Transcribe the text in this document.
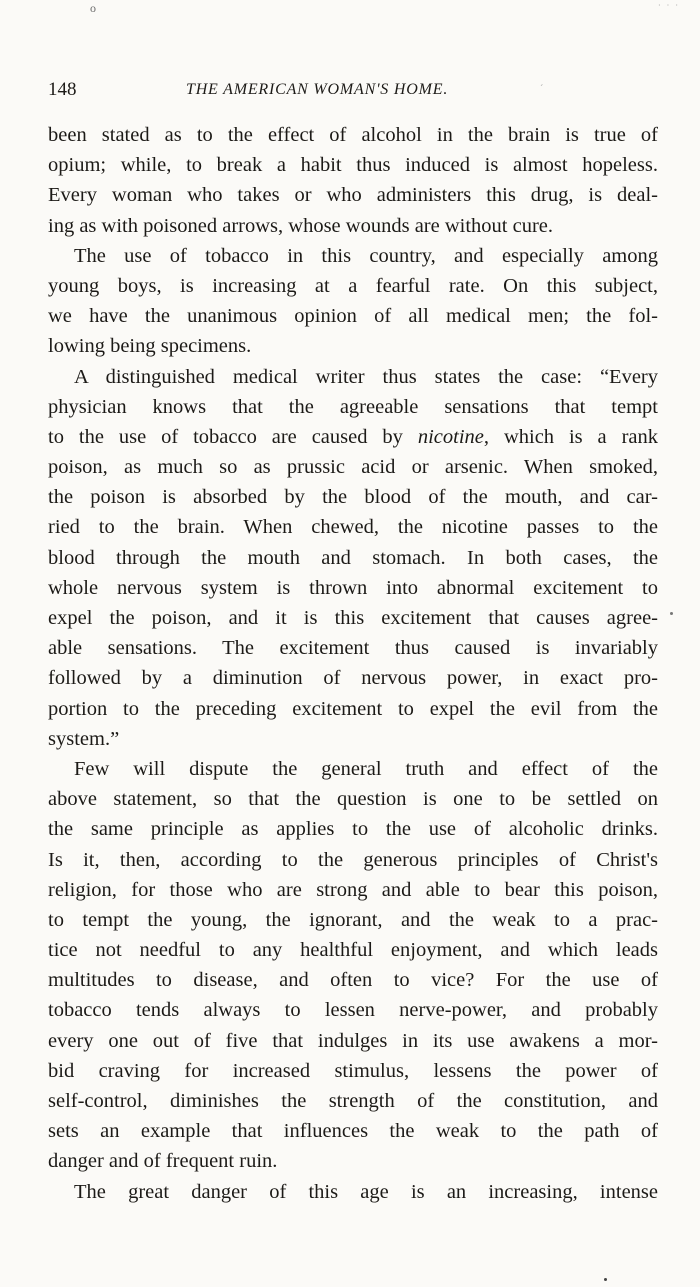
o	· · ·
148	THE AMERICAN WOMAN'S HOME.	´
been stated as to the effect of alcohol in the brain is true of
opium; while, to break a habit thus induced is almost hopeless.
Every woman who takes or who administers this drug, is deal-
ing as with poisoned arrows, whose wounds are without cure.
The use of tobacco in this country, and especially among
young boys, is increasing at a fearful rate. On this subject,
we have the unanimous opinion of all medical men; the fol-
lowing being specimens.
A distinguished medical writer thus states the case: “Every
physician knows that the agreeable sensations that tempt
to the use of tobacco are caused by nicotine, which is a rank
poison, as much so as prussic acid or arsenic. When smoked,
the poison is absorbed by the blood of the mouth, and car-
ried to the brain. When chewed, the nicotine passes to the
blood through the mouth and stomach. In both cases, the
whole nervous system is thrown into abnormal excitement to
expel the poison, and it is this excitement that causes agree-
able sensations. The excitement thus caused is invariably
followed by a diminution of nervous power, in exact pro-
portion to the preceding excitement to expel the evil from the
system.”
Few will dispute the general truth and effect of the
above statement, so that the question is one to be settled on
the same principle as applies to the use of alcoholic drinks.
Is it, then, according to the generous principles of Christ's
religion, for those who are strong and able to bear this poison,
to tempt the young, the ignorant, and the weak to a prac-
tice not needful to any healthful enjoyment, and which leads
multitudes to disease, and often to vice? For the use of
tobacco tends always to lessen nerve-power, and probably
every one out of five that indulges in its use awakens a mor-
bid craving for increased stimulus, lessens the power of
self-control, diminishes the strength of the constitution, and
sets an example that influences the weak to the path of
danger and of frequent ruin.
The great danger of this age is an increasing, intense
